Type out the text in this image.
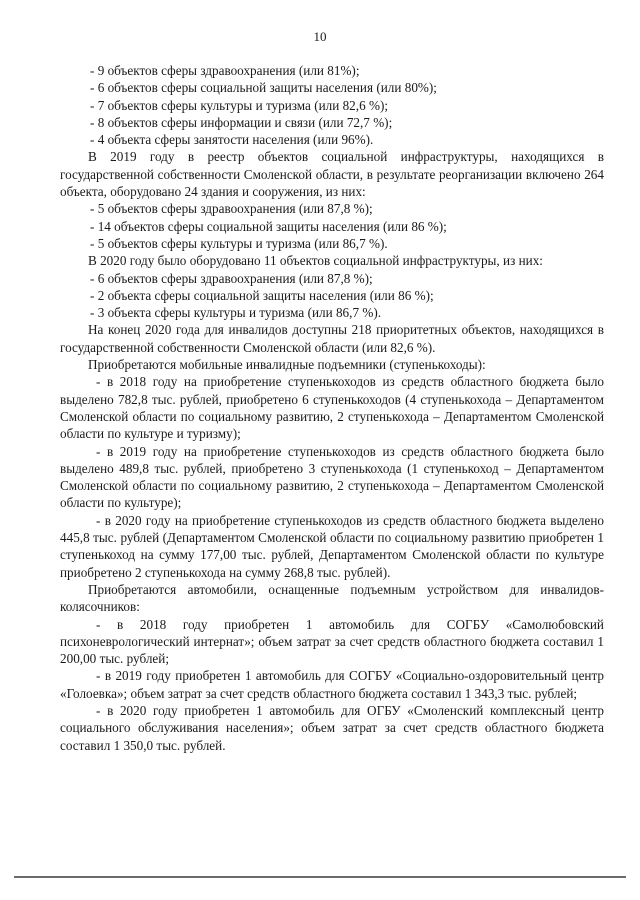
10

- 9 объектов сферы здравоохранения (или 81%);

- 6 объектов сферы социальной защиты населения (или 80%);

- 7 объектов сферы культуры и туризма (или 82,6 %);

- 8 объектов сферы информации и связи (или 72,7 %);

- 4 объекта сферы занятости населения (или 96%).

В 2019 году в реестр объектов социальной инфраструктуры, находящихся в государственной собственности Смоленской области, в результате реорганизации включено 264 объекта, оборудовано 24 здания и сооружения, из них:

- 5 объектов сферы здравоохранения (или 87,8 %);

- 14 объектов сферы социальной защиты населения (или 86 %);

- 5 объектов сферы культуры и туризма (или 86,7 %).

В 2020 году было оборудовано 11 объектов социальной инфраструктуры, из них:

- 6 объектов сферы здравоохранения (или 87,8 %);

- 2 объекта сферы социальной защиты населения (или 86 %);

- 3 объекта сферы культуры и туризма (или 86,7 %).

На конец 2020 года для инвалидов доступны 218 приоритетных объектов, находящихся в государственной собственности Смоленской области (или 82,6 %).

Приобретаются мобильные инвалидные подъемники (ступенькоходы):

- в 2018 году на приобретение ступенькоходов из средств областного бюджета было выделено 782,8 тыс. рублей, приобретено 6 ступенькоходов (4 ступенькохода – Департаментом Смоленской области по социальному развитию, 2 ступенькохода – Департаментом Смоленской области по культуре и туризму);

- в 2019 году на приобретение ступенькоходов из средств областного бюджета было выделено 489,8 тыс. рублей, приобретено 3 ступенькохода (1 ступенькоход – Департаментом Смоленской области по социальному развитию, 2 ступенькохода – Департаментом Смоленской области по культуре);

- в 2020 году на приобретение ступенькоходов из средств областного бюджета выделено 445,8 тыс. рублей (Департаментом Смоленской области по социальному развитию приобретен 1 ступенькоход на сумму 177,00 тыс. рублей, Департаментом Смоленской области по культуре приобретено 2 ступенькохода на сумму 268,8 тыс. рублей).

Приобретаются автомобили, оснащенные подъемным устройством для инвалидов-колясочников:

- в 2018 году приобретен 1 автомобиль для СОГБУ «Самолюбовский психоневрологический интернат»; объем затрат за счет средств областного бюджета составил 1 200,00 тыс. рублей;

- в 2019 году приобретен 1 автомобиль для СОГБУ «Социально-оздоровительный центр «Голоевка»; объем затрат за счет средств областного бюджета составил 1 343,3 тыс. рублей;

- в 2020 году приобретен 1 автомобиль для ОГБУ «Смоленский комплексный центр социального обслуживания населения»; объем затрат за счет средств областного бюджета составил 1 350,0 тыс. рублей.
